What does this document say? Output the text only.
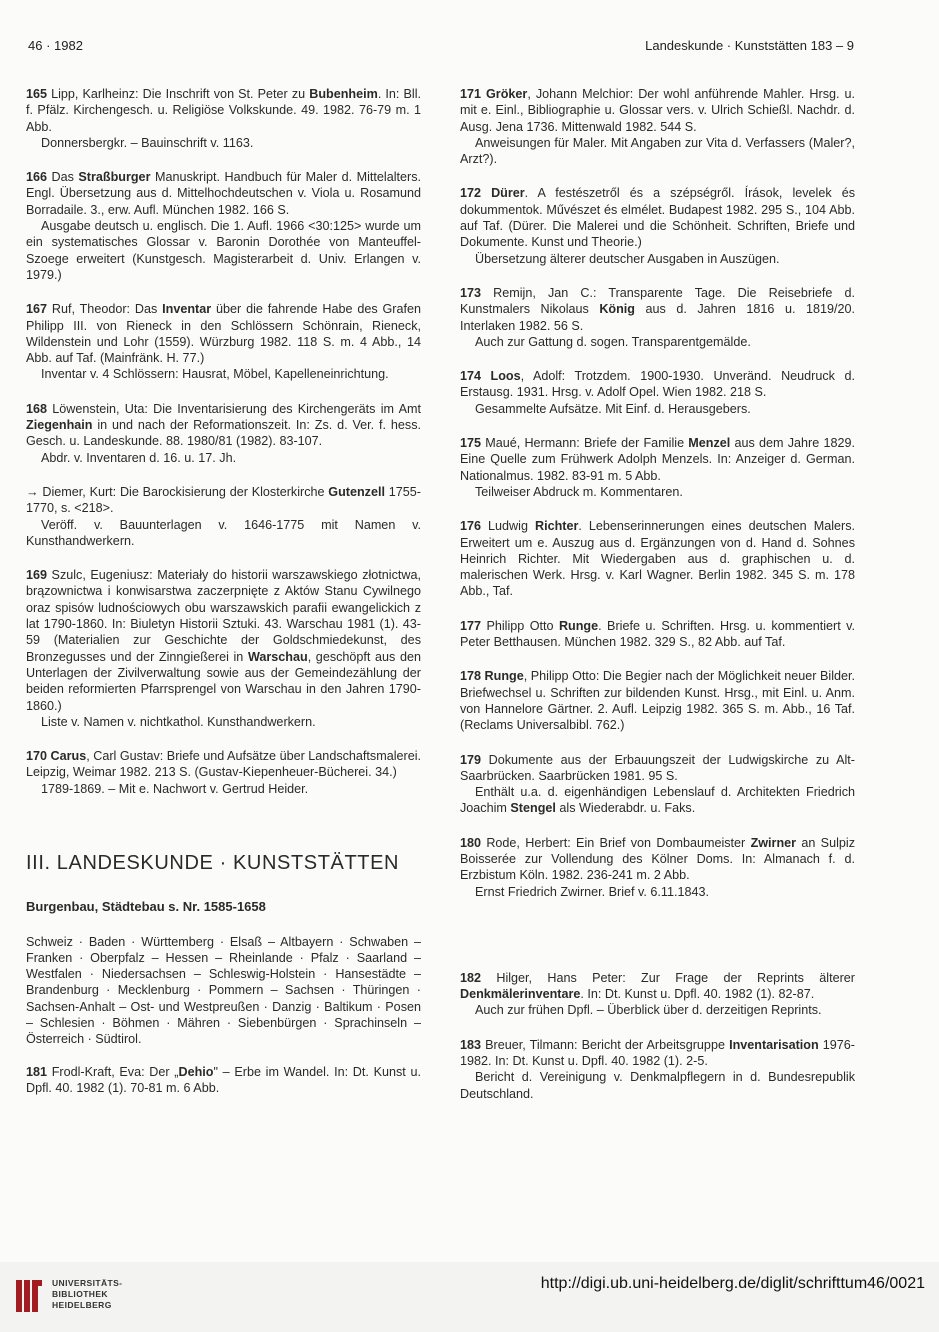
46 · 1982	Landeskunde · Kunststätten 183 – 9

165 Lipp, Karlheinz: Die Inschrift von St. Peter zu Bubenheim. In: Bll. f. Pfälz. Kirchengesch. u. Religiöse Volkskunde. 49. 1982. 76-79 m. 1 Abb.

Donnersbergkr. – Bauinschrift v. 1163.

166 Das Straßburger Manuskript. Handbuch für Maler d. Mittelalters. Engl. Übersetzung aus d. Mittelhochdeutschen v. Viola u. Rosamund Borradaile. 3., erw. Aufl. München 1982. 166 S.

Ausgabe deutsch u. englisch. Die 1. Aufl. 1966 <30:125> wurde um ein systematisches Glossar v. Baronin Dorothée von Manteuffel-Szoege erweitert (Kunstgesch. Magisterarbeit d. Univ. Erlangen v. 1979.)

167 Ruf, Theodor: Das Inventar über die fahrende Habe des Grafen Philipp III. von Rieneck in den Schlössern Schönrain, Rieneck, Wildenstein und Lohr (1559). Würzburg 1982. 118 S. m. 4 Abb., 14 Abb. auf Taf. (Mainfränk. H. 77.)

Inventar v. 4 Schlössern: Hausrat, Möbel, Kapelleneinrichtung.

168 Löwenstein, Uta: Die Inventarisierung des Kirchengeräts im Amt Ziegenhain in und nach der Reformationszeit. In: Zs. d. Ver. f. hess. Gesch. u. Landeskunde. 88. 1980/81 (1982). 83-107.

Abdr. v. Inventaren d. 16. u. 17. Jh.

→ Diemer, Kurt: Die Barockisierung der Klosterkirche Gutenzell 1755-1770, s. <218>.

Veröff. v. Bauunterlagen v. 1646-1775 mit Namen v. Kunsthandwerkern.

169 Szulc, Eugeniusz: Materiały do historii warszawskiego złotnictwa, brązownictwa i konwisarstwa zaczerpnięte z Aktów Stanu Cywilnego oraz spisów ludnościowych obu warszawskich parafii ewangelickich z lat 1790-1860. In: Biuletyn Historii Sztuki. 43. Warschau 1981 (1). 43-59 (Materialien zur Geschichte der Goldschmiedekunst, des Bronzegusses und der Zinngießerei in Warschau, geschöpft aus den Unterlagen der Zivilverwaltung sowie aus der Gemeindezählung der beiden reformierten Pfarrsprengel von Warschau in den Jahren 1790-1860.)

Liste v. Namen v. nichtkathol. Kunsthandwerkern.

170 Carus, Carl Gustav: Briefe und Aufsätze über Landschaftsmalerei. Leipzig, Weimar 1982. 213 S. (Gustav-Kiepenheuer-Bücherei. 34.)

1789-1869. – Mit e. Nachwort v. Gertrud Heider.

III. LANDESKUNDE · KUNSTSTÄTTEN
Burgenbau, Städtebau s. Nr. 1585-1658
Schweiz · Baden · Württemberg · Elsaß – Altbayern · Schwaben – Franken · Oberpfalz – Hessen – Rheinlande · Pfalz · Saarland – Westfalen · Niedersachsen – Schleswig-Holstein · Hansestädte – Brandenburg · Mecklenburg · Pommern – Sachsen · Thüringen · Sachsen-Anhalt – Ost- und Westpreußen · Danzig · Baltikum · Posen – Schlesien · Böhmen · Mähren · Siebenbürgen · Sprachinseln – Österreich · Südtirol.

181 Frodl-Kraft, Eva: Der „Dehio" – Erbe im Wandel. In: Dt. Kunst u. Dpfl. 40. 1982 (1). 70-81 m. 6 Abb.

171 Gröker, Johann Melchior: Der wohl anführende Mahler. Hrsg. u. mit e. Einl., Bibliographie u. Glossar vers. v. Ulrich Schießl. Nachdr. d. Ausg. Jena 1736. Mittenwald 1982. 544 S.

Anweisungen für Maler. Mit Angaben zur Vita d. Verfassers (Maler?, Arzt?).

172 Dürer. A festészetről és a szépségről. Írások, levelek és dokummentok. Művészet és elmélet. Budapest 1982. 295 S., 104 Abb. auf Taf. (Dürer. Die Malerei und die Schönheit. Schriften, Briefe und Dokumente. Kunst und Theorie.)

Übersetzung älterer deutscher Ausgaben in Auszügen.

173 Remijn, Jan C.: Transparente Tage. Die Reisebriefe d. Kunstmalers Nikolaus König aus d. Jahren 1816 u. 1819/20. Interlaken 1982. 56 S.

Auch zur Gattung d. sogen. Transparentgemälde.

174 Loos, Adolf: Trotzdem. 1900-1930. Unveränd. Neudruck d. Erstausg. 1931. Hrsg. v. Adolf Opel. Wien 1982. 218 S.

Gesammelte Aufsätze. Mit Einf. d. Herausgebers.

175 Maué, Hermann: Briefe der Familie Menzel aus dem Jahre 1829. Eine Quelle zum Frühwerk Adolph Menzels. In: Anzeiger d. German. Nationalmus. 1982. 83-91 m. 5 Abb.

Teilweiser Abdruck m. Kommentaren.

176 Ludwig Richter. Lebenserinnerungen eines deutschen Malers. Erweitert um e. Auszug aus d. Ergänzungen von d. Hand d. Sohnes Heinrich Richter. Mit Wiedergaben aus d. graphischen u. d. malerischen Werk. Hrsg. v. Karl Wagner. Berlin 1982. 345 S. m. 178 Abb., Taf.

177 Philipp Otto Runge. Briefe u. Schriften. Hrsg. u. kommentiert v. Peter Betthausen. München 1982. 329 S., 82 Abb. auf Taf.

178 Runge, Philipp Otto: Die Begier nach der Möglichkeit neuer Bilder. Briefwechsel u. Schriften zur bildenden Kunst. Hrsg., mit Einl. u. Anm. von Hannelore Gärtner. 2. Aufl. Leipzig 1982. 365 S. m. Abb., 16 Taf. (Reclams Universalbibl. 762.)

179 Dokumente aus der Erbauungszeit der Ludwigskirche zu Alt-Saarbrücken. Saarbrücken 1981. 95 S.

Enthält u.a. d. eigenhändigen Lebenslauf d. Architekten Friedrich Joachim Stengel als Wiederabdr. u. Faks.

180 Rode, Herbert: Ein Brief von Dombaumeister Zwirner an Sulpiz Boisserée zur Vollendung des Kölner Doms. In: Almanach f. d. Erzbistum Köln. 1982. 236-241 m. 2 Abb.

Ernst Friedrich Zwirner. Brief v. 6.11.1843.

182 Hilger, Hans Peter: Zur Frage der Reprints älterer Denkmälerinventare. In: Dt. Kunst u. Dpfl. 40. 1982 (1). 82-87.

Auch zur frühen Dpfl. – Überblick über d. derzeitigen Reprints.

183 Breuer, Tilmann: Bericht der Arbeitsgruppe Inventarisation 1976-1982. In: Dt. Kunst u. Dpfl. 40. 1982 (1). 2-5.

Bericht d. Vereinigung v. Denkmalpflegern in d. Bundesrepublik Deutschland.

UNIVERSITÄTS-
BIBLIOTHEK
HEIDELBERG
http://digi.ub.uni-heidelberg.de/diglit/schrifttum46/0021
